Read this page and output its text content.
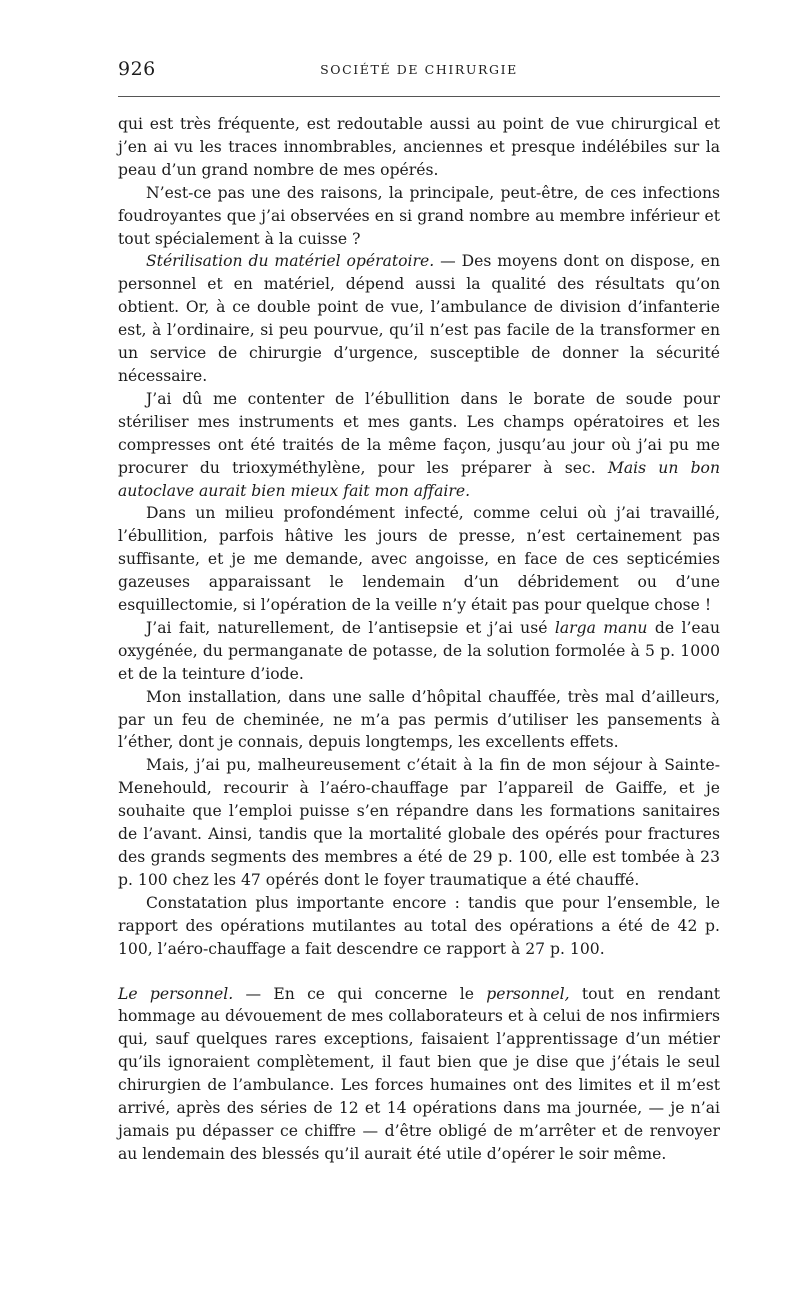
926	SOCIÉTÉ DE CHIRURGIE

qui est très fréquente, est redoutable aussi au point de vue chirurgical et j’en ai vu les traces innombrables, anciennes et presque indélébiles sur la peau d’un grand nombre de mes opérés.

N’est-ce pas une des raisons, la principale, peut-être, de ces infections foudroyantes que j’ai observées en si grand nombre au membre inférieur et tout spécialement à la cuisse ?

Stérilisation du matériel opératoire. — Des moyens dont on dispose, en personnel et en matériel, dépend aussi la qualité des résultats qu’on obtient. Or, à ce double point de vue, l’ambulance de division d’infanterie est, à l’ordinaire, si peu pourvue, qu’il n’est pas facile de la transformer en un service de chirurgie d’urgence, susceptible de donner la sécurité nécessaire.

J’ai dû me contenter de l’ébullition dans le borate de soude pour stériliser mes instruments et mes gants. Les champs opératoires et les compresses ont été traités de la même façon, jusqu’au jour où j’ai pu me procurer du trioxyméthylène, pour les préparer à sec. Mais un bon autoclave aurait bien mieux fait mon affaire.

Dans un milieu profondément infecté, comme celui où j’ai travaillé, l’ébullition, parfois hâtive les jours de presse, n’est certainement pas suffisante, et je me demande, avec angoisse, en face de ces septicémies gazeuses apparaissant le lendemain d’un débridement ou d’une esquillectomie, si l’opération de la veille n’y était pas pour quelque chose !

J’ai fait, naturellement, de l’antisepsie et j’ai usé larga manu de l’eau oxygénée, du permanganate de potasse, de la solution formolée à 5 p. 1000 et de la teinture d’iode.

Mon installation, dans une salle d’hôpital chauffée, très mal d’ailleurs, par un feu de cheminée, ne m’a pas permis d’utiliser les pansements à l’éther, dont je connais, depuis longtemps, les excellents effets.

Mais, j’ai pu, malheureusement c’était à la fin de mon séjour à Sainte-Menehould, recourir à l’aéro-chauffage par l’appareil de Gaiffe, et je souhaite que l’emploi puisse s’en répandre dans les formations sanitaires de l’avant. Ainsi, tandis que la mortalité globale des opérés pour fractures des grands segments des membres a été de 29 p. 100, elle est tombée à 23 p. 100 chez les 47 opérés dont le foyer traumatique a été chauffé.

Constatation plus importante encore : tandis que pour l’ensemble, le rapport des opérations mutilantes au total des opérations a été de 42 p. 100, l’aéro-chauffage a fait descendre ce rapport à 27 p. 100.

Le personnel. — En ce qui concerne le personnel, tout en rendant hommage au dévouement de mes collaborateurs et à celui de nos infirmiers qui, sauf quelques rares exceptions, faisaient l’apprentissage d’un métier qu’ils ignoraient complètement, il faut bien que je dise que j’étais le seul chirurgien de l’ambulance. Les forces humaines ont des limites et il m’est arrivé, après des séries de 12 et 14 opérations dans ma journée, — je n’ai jamais pu dépasser ce chiffre — d’être obligé de m’arrêter et de renvoyer au lendemain des blessés qu’il aurait été utile d’opérer le soir même.
